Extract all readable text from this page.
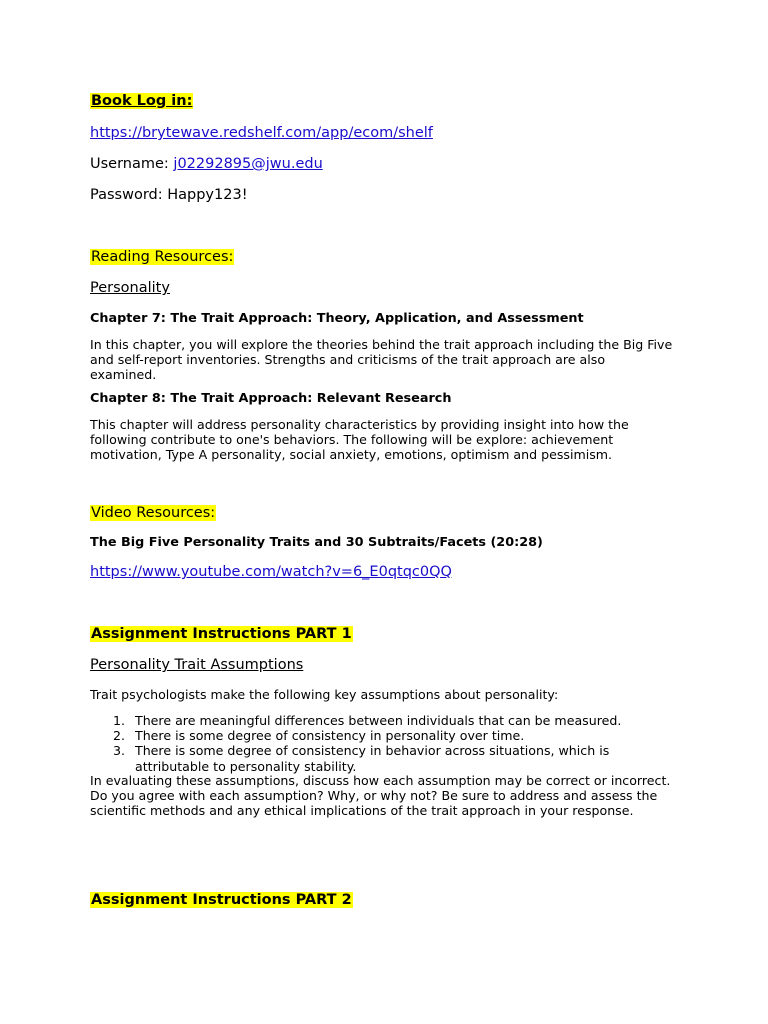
Book Log in:
https://brytewave.redshelf.com/app/ecom/shelf
Username: j02292895@jwu.edu
Password: Happy123!
Reading Resources:
Personality
Chapter 7: The Trait Approach: Theory, Application, and Assessment
In this chapter, you will explore the theories behind the trait approach including the Big Five
and self-report inventories. Strengths and criticisms of the trait approach are also
examined.
Chapter 8: The Trait Approach: Relevant Research
This chapter will address personality characteristics by providing insight into how the
following contribute to one's behaviors. The following will be explore: achievement
motivation, Type A personality, social anxiety, emotions, optimism and pessimism.
Video Resources:
The Big Five Personality Traits and 30 Subtraits/Facets (20:28)
https://www.youtube.com/watch?v=6_E0qtqc0QQ
Assignment Instructions PART 1
Personality Trait Assumptions
Trait psychologists make the following key assumptions about personality:
1. There are meaningful differences between individuals that can be measured.
2. There is some degree of consistency in personality over time.
3. There is some degree of consistency in behavior across situations, which is
attributable to personality stability.
In evaluating these assumptions, discuss how each assumption may be correct or incorrect.
Do you agree with each assumption? Why, or why not? Be sure to address and assess the
scientific methods and any ethical implications of the trait approach in your response.
Assignment Instructions PART 2
